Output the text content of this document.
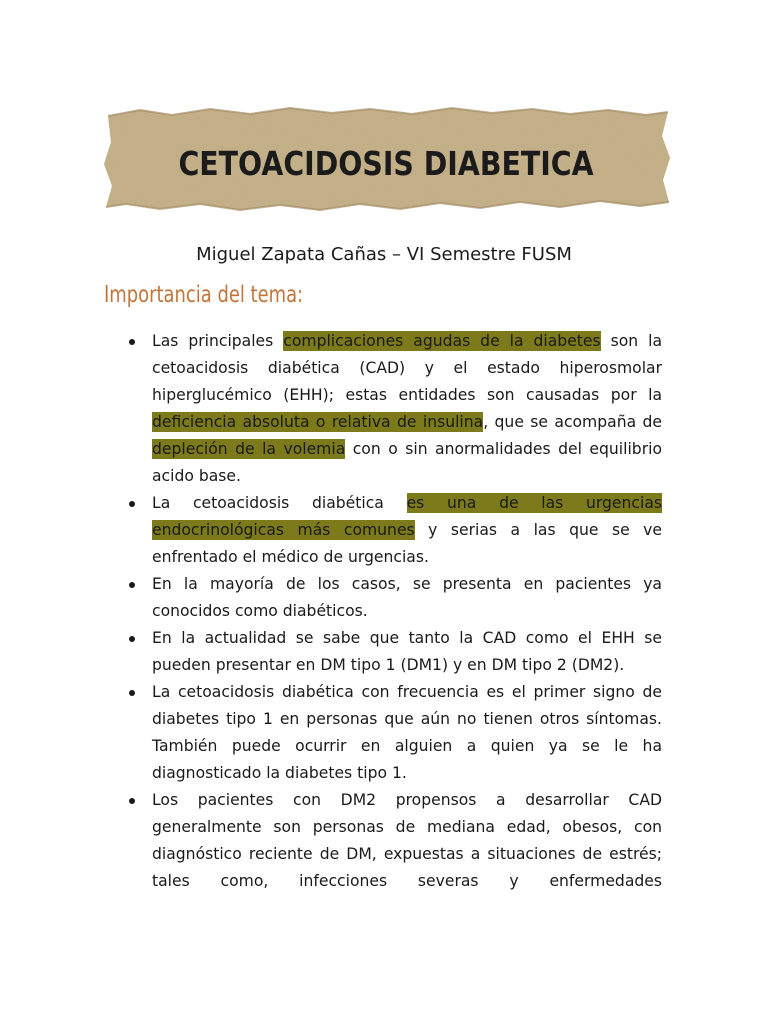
CETOACIDOSIS DIABETICA
Miguel Zapata Cañas – VI Semestre FUSM
Importancia del tema:

Las principales complicaciones agudas de la diabetes son la cetoacidosis diabética (CAD) y el estado hiperosmolar hiperglucémico (EHH); estas entidades son causadas por la deficiencia absoluta o relativa de insulina, que se acompaña de depleción de la volemia con o sin anormalidades del equilibrio acido base.

La cetoacidosis diabética es una de las urgencias endocrinológicas más comunes y serias a las que se ve enfrentado el médico de urgencias.

En la mayoría de los casos, se presenta en pacientes ya conocidos como diabéticos.

En la actualidad se sabe que tanto la CAD como el EHH se pueden presentar en DM tipo 1 (DM1) y en DM tipo 2 (DM2).

La cetoacidosis diabética con frecuencia es el primer signo de diabetes tipo 1 en personas que aún no tienen otros síntomas. También puede ocurrir en alguien a quien ya se le ha diagnosticado la diabetes tipo 1.

Los pacientes con DM2 propensos a desarrollar CAD generalmente son personas de mediana edad, obesos, con diagnóstico reciente de DM, expuestas a situaciones de estrés; tales como, infecciones severas y enfermedades
